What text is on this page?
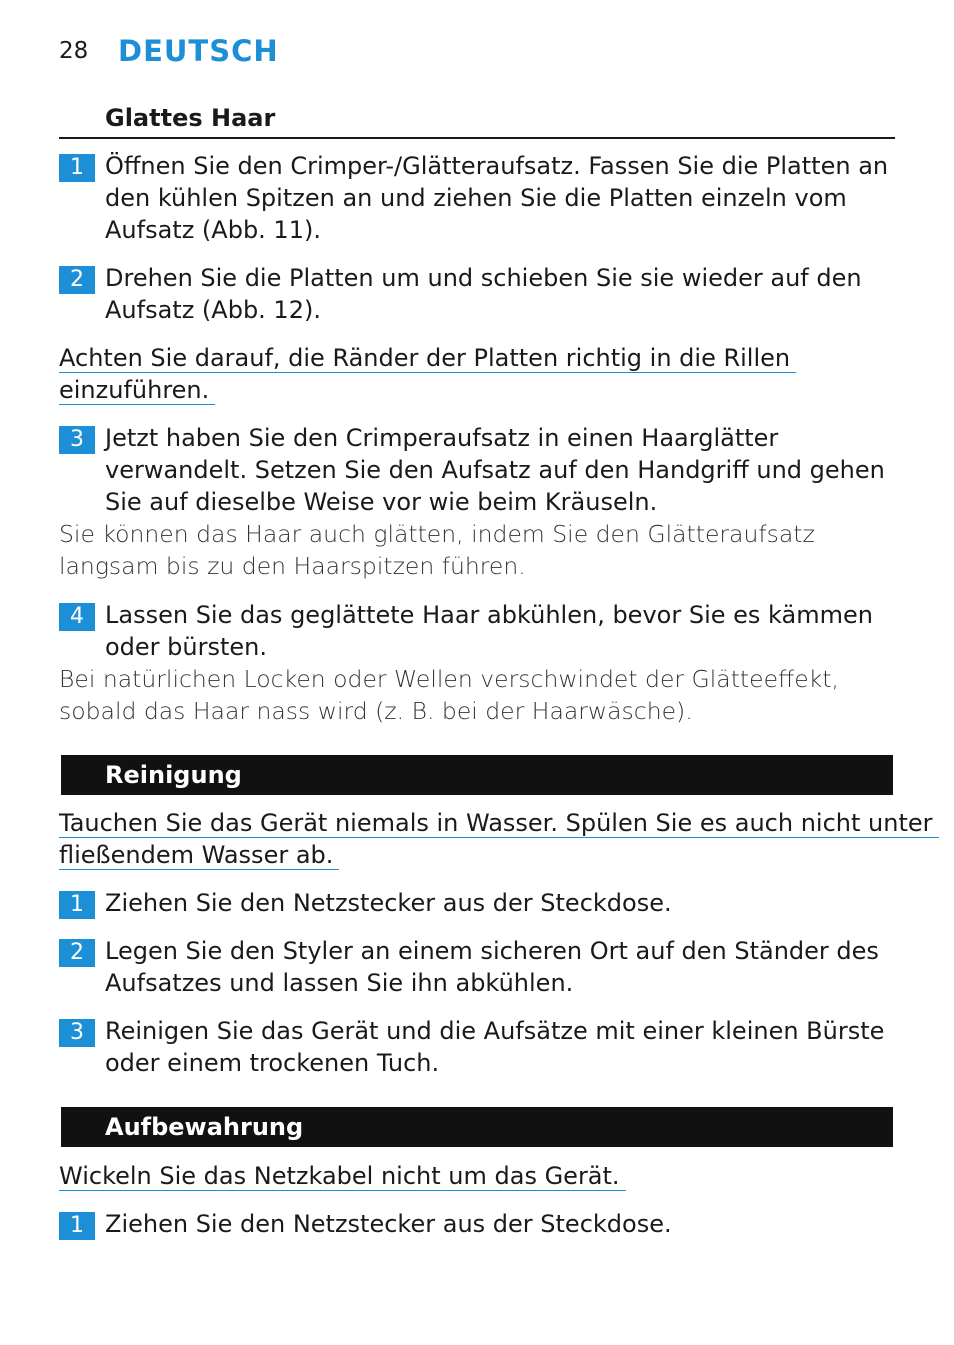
28 DEUTSCH
Glattes Haar
1 Öffnen Sie den Crimper-/Glätteraufsatz. Fassen Sie die Platten an den kühlen Spitzen an und ziehen Sie die Platten einzeln vom Aufsatz (Abb. 11).
2 Drehen Sie die Platten um und schieben Sie sie wieder auf den Aufsatz (Abb. 12).
Achten Sie darauf, die Ränder der Platten richtig in die Rillen
einzuführen.
3 Jetzt haben Sie den Crimperaufsatz in einen Haarglätter verwandelt. Setzen Sie den Aufsatz auf den Handgriff und gehen Sie auf dieselbe Weise vor wie beim Kräuseln.
Sie können das Haar auch glätten, indem Sie den Glätteraufsatz langsam bis zu den Haarspitzen führen.
4 Lassen Sie das geglättete Haar abkühlen, bevor Sie es kämmen oder bürsten.
Bei natürlichen Locken oder Wellen verschwindet der Glätteeffekt, sobald das Haar nass wird (z. B. bei der Haarwäsche).
Reinigung
Tauchen Sie das Gerät niemals in Wasser. Spülen Sie es auch nicht unter
fließendem Wasser ab.
1 Ziehen Sie den Netzstecker aus der Steckdose.
2 Legen Sie den Styler an einem sicheren Ort auf den Ständer des Aufsatzes und lassen Sie ihn abkühlen.
3 Reinigen Sie das Gerät und die Aufsätze mit einer kleinen Bürste oder einem trockenen Tuch.
Aufbewahrung
Wickeln Sie das Netzkabel nicht um das Gerät.
1 Ziehen Sie den Netzstecker aus der Steckdose.
